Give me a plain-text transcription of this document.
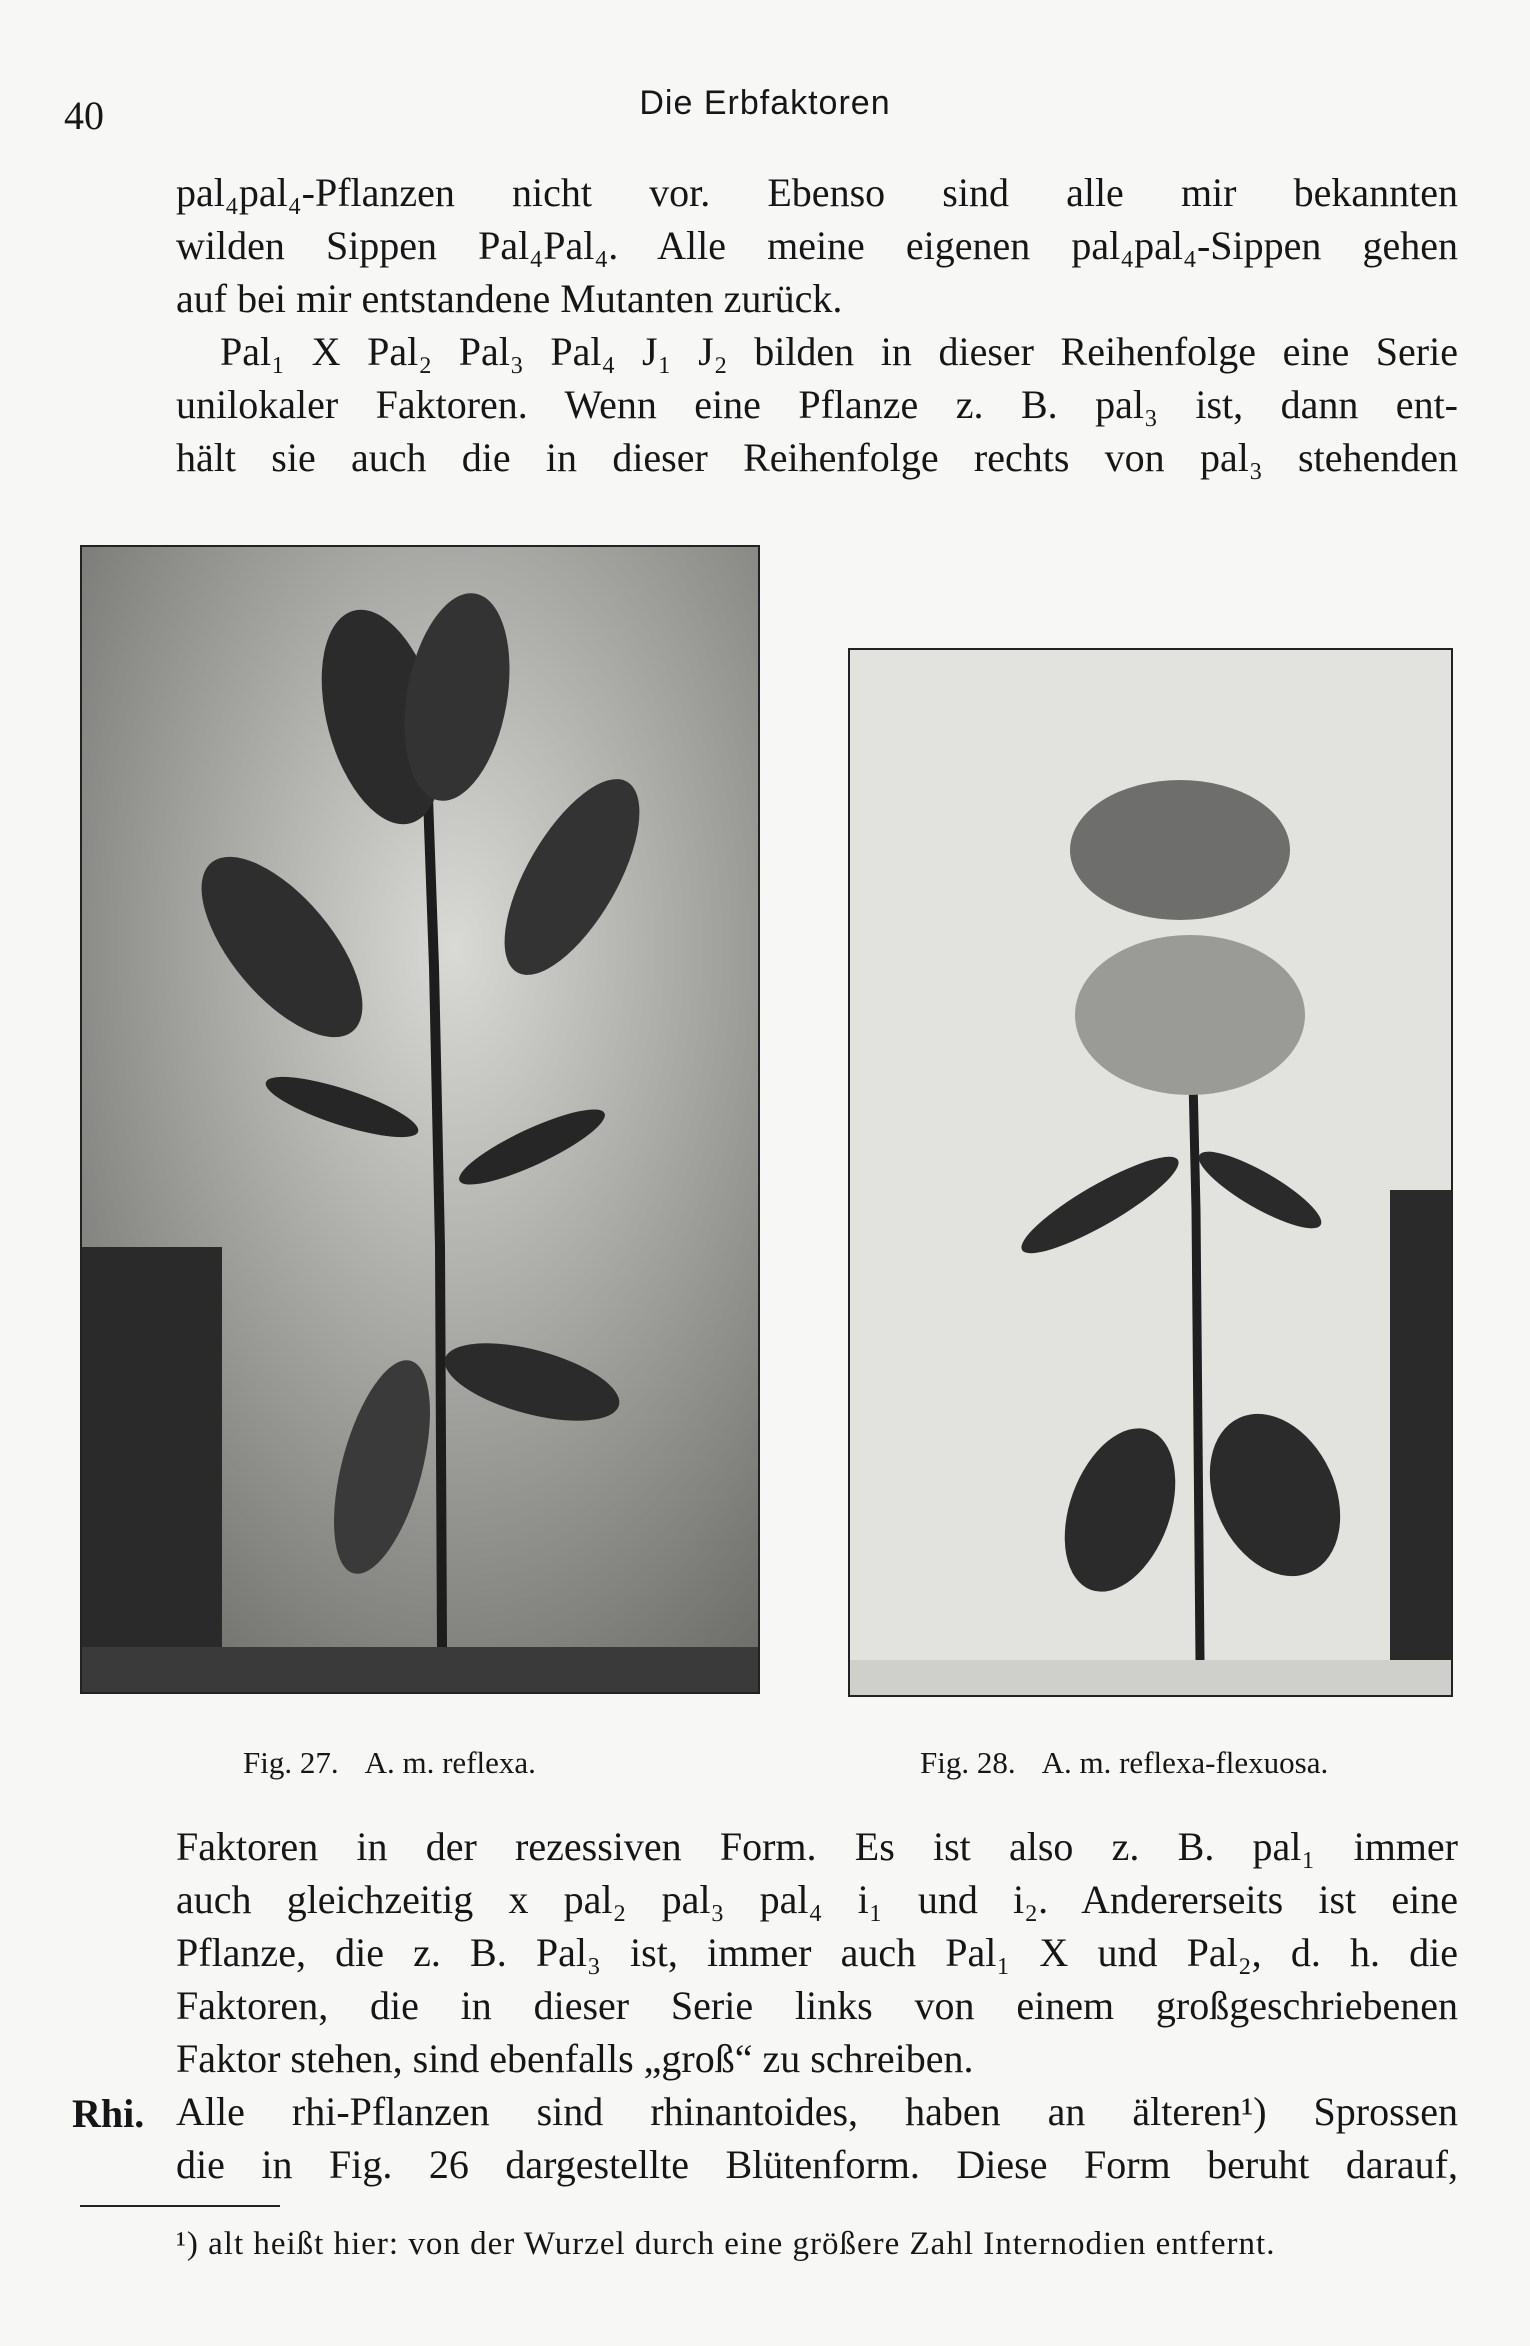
40	Die Erbfaktoren
pal₄pal₄-Pflanzen nicht vor. Ebenso sind alle mir bekannten
wilden Sippen Pal₄Pal₄. Alle meine eigenen pal₄pal₄-Sippen gehen
auf bei mir entstandene Mutanten zurück.
Pal₁ X Pal₂ Pal₃ Pal₄ J₁ J₂ bilden in dieser Reihenfolge eine Serie
unilokaler Faktoren. Wenn eine Pflanze z. B. pal₃ ist, dann ent-
hält sie auch die in dieser Reihenfolge rechts von pal₃ stehenden
Fig. 27. A. m. reflexa.	Fig. 28. A. m. reflexa-flexuosa.
Faktoren in der rezessiven Form. Es ist also z. B. pal₁ immer
auch gleichzeitig x pal₂ pal₃ pal₄ i₁ und i₂. Andererseits ist eine
Pflanze, die z. B. Pal₃ ist, immer auch Pal₁ X und Pal₂, d. h. die
Faktoren, die in dieser Serie links von einem großgeschriebenen
Faktor stehen, sind ebenfalls „groß“ zu schreiben.
Rhi. Alle rhi-Pflanzen sind rhinantoides, haben an älteren¹) Sprossen
die in Fig. 26 dargestellte Blütenform. Diese Form beruht darauf,
¹) alt heißt hier: von der Wurzel durch eine größere Zahl Internodien entfernt.
